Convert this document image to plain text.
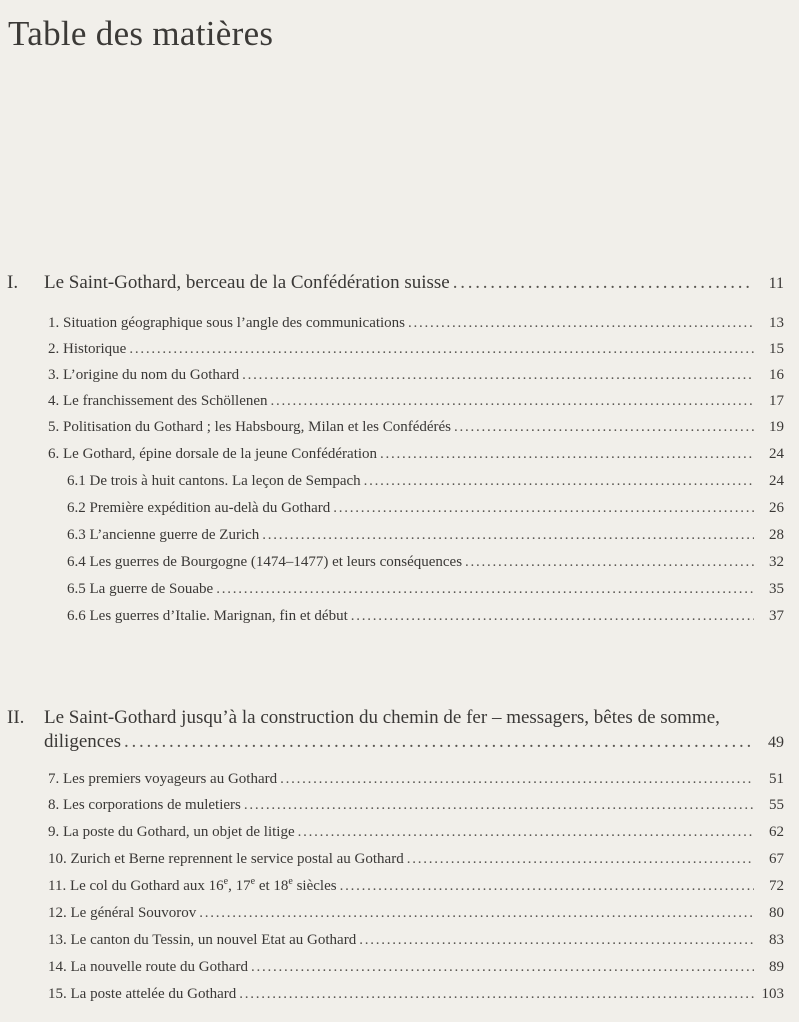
Table des matières
I. Le Saint-Gothard, berceau de la Confédération suisse . . .	11
1. Situation géographique sous l’angle des communications . . .	13
2. Historique . . .	15
3. L’origine du nom du Gothard . . .	16
4. Le franchissement des Schöllenen . . .	17
5. Politisation du Gothard ; les Habsbourg, Milan et les Confédérés . . .	19
6. Le Gothard, épine dorsale de la jeune Confédération . . .	24
6.1 De trois à huit cantons. La leçon de Sempach . . .	24
6.2 Première expédition au-delà du Gothard . . .	26
6.3 L’ancienne guerre de Zurich . . .	28
6.4 Les guerres de Bourgogne (1474–1477) et leurs conséquences . . .	32
6.5 La guerre de Souabe . . .	35
6.6 Les guerres d’Italie. Marignan, fin et début . . .	37
II. Le Saint-Gothard jusqu’à la construction du chemin de fer – messagers, bêtes de somme,
diligences . . .	49
7. Les premiers voyageurs au Gothard . . .	51
8. Les corporations de muletiers . . .	55
9. La poste du Gothard, un objet de litige . . .	62
10. Zurich et Berne reprennent le service postal au Gothard . . .	67
11. Le col du Gothard aux 16e, 17e et 18e siècles . . .	72
12. Le général Souvorov . . .	80
13. Le canton du Tessin, un nouvel Etat au Gothard . . .	83
14. La nouvelle route du Gothard . . .	89
15. La poste attelée du Gothard . . .	103
